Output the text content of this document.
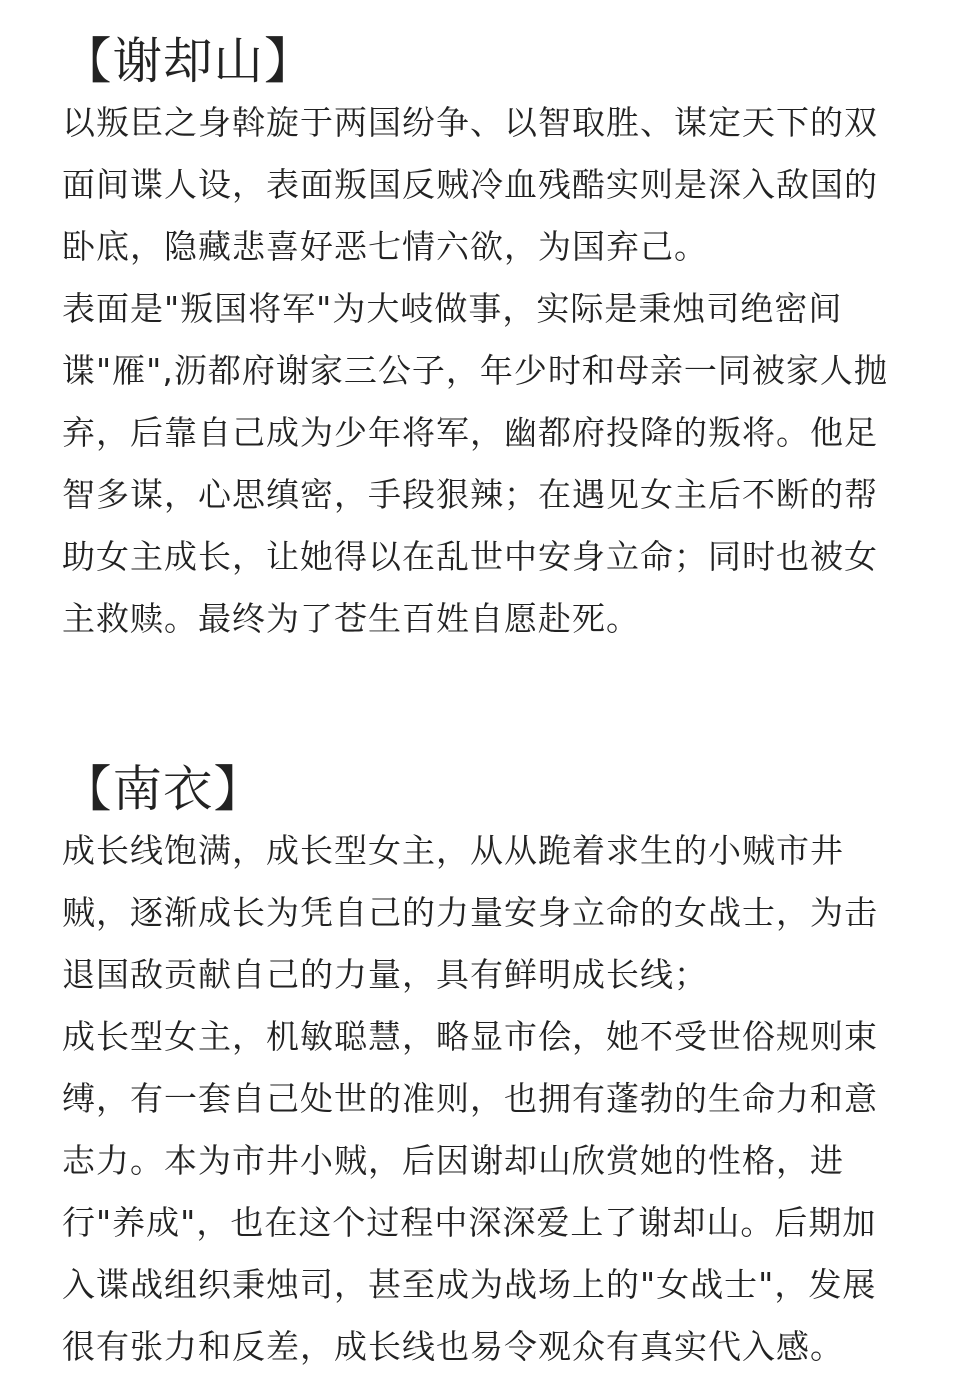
【谢却山】

以叛臣之身斡旋于两国纷争、以智取胜、谋定天下的双面间谍人设，表面叛国反贼冷血残酷实则是深入敌国的卧底，隐藏悲喜好恶七情六欲，为国弃己。

表面是"叛国将军"为大岐做事，实际是秉烛司绝密间谍"雁",沥都府谢家三公子，年少时和母亲一同被家人抛弃，后靠自己成为少年将军，幽都府投降的叛将。他足智多谋，心思缜密，手段狠辣；在遇见女主后不断的帮助女主成长，让她得以在乱世中安身立命；同时也被女主救赎。最终为了苍生百姓自愿赴死。

【南衣】

成长线饱满，成长型女主，从从跪着求生的小贼市井贼，逐渐成长为凭自己的力量安身立命的女战士，为击退国敌贡献自己的力量，具有鲜明成长线；

成长型女主，机敏聪慧，略显市侩，她不受世俗规则束缚，有一套自己处世的准则，也拥有蓬勃的生命力和意志力。本为市井小贼，后因谢却山欣赏她的性格，进行"养成"，也在这个过程中深深爱上了谢却山。后期加入谍战组织秉烛司，甚至成为战场上的"女战士"，发展很有张力和反差，成长线也易令观众有真实代入感。
